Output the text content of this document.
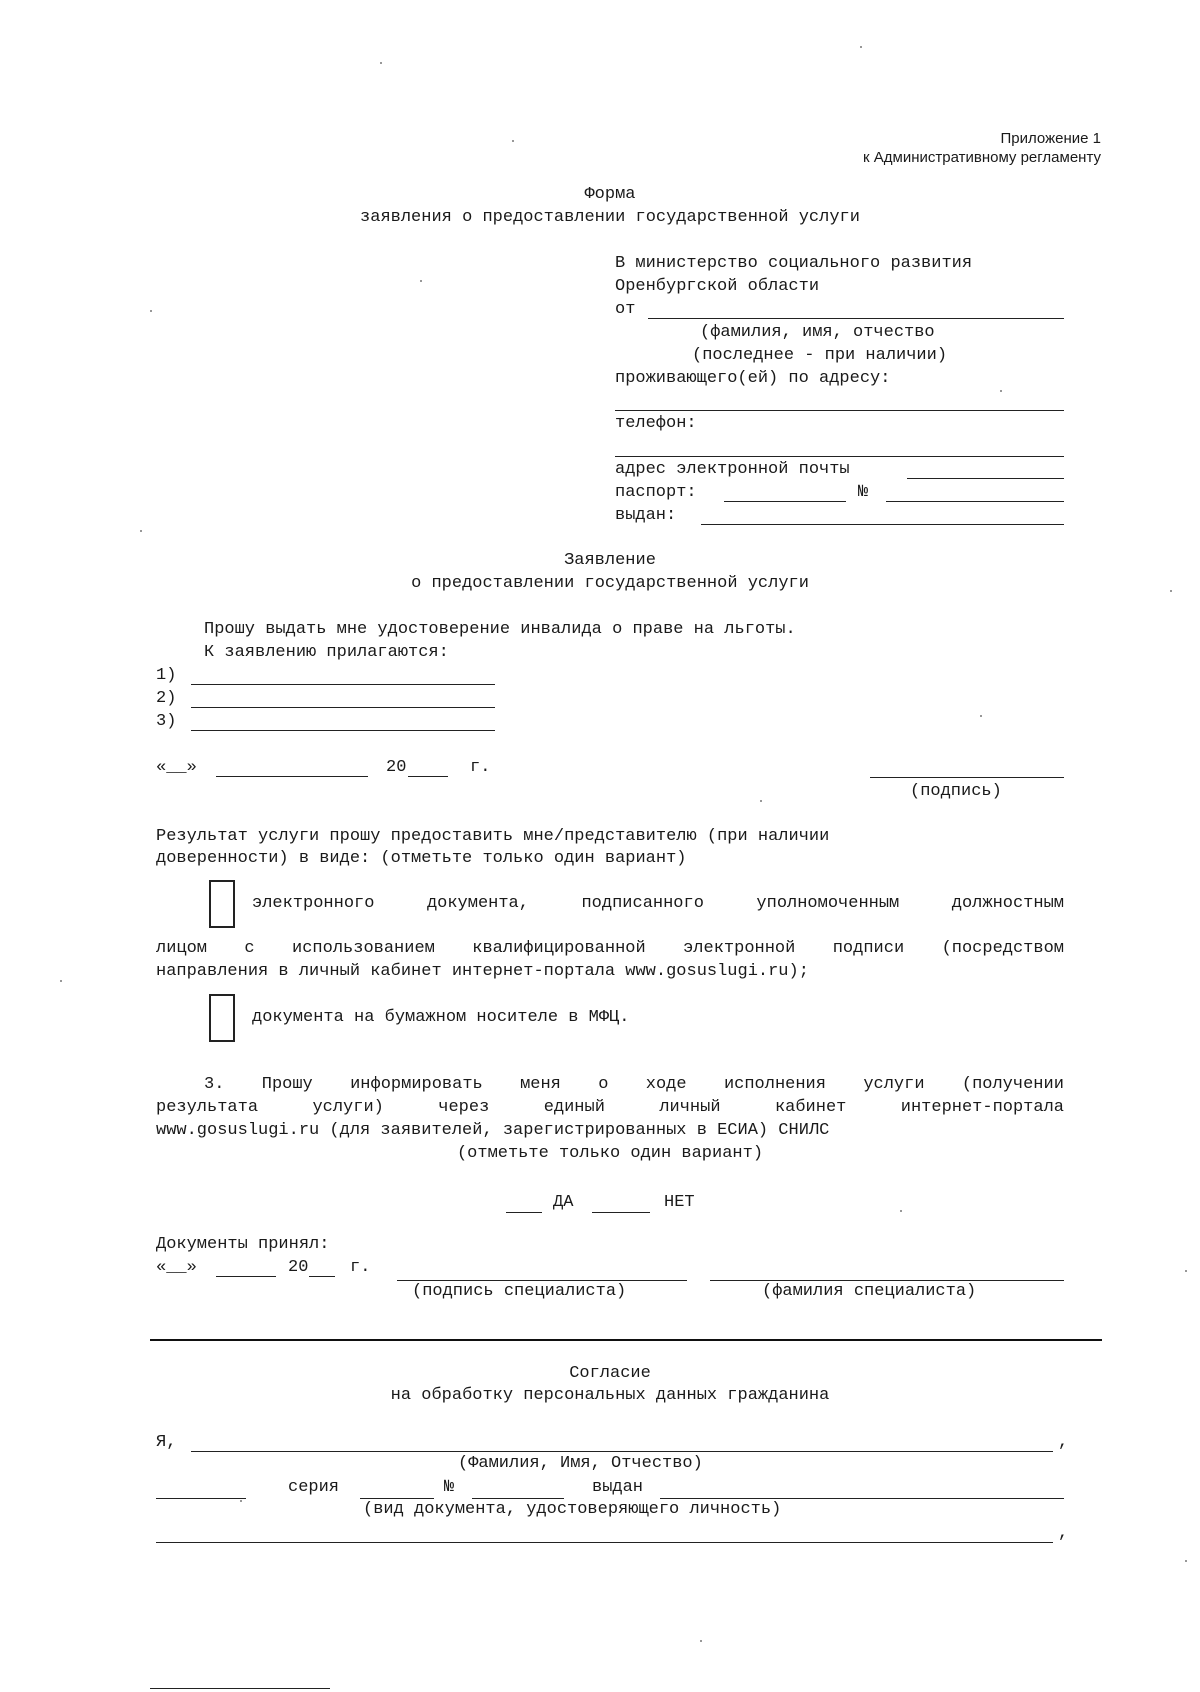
Приложение 1
к Административному регламенту
Форма
заявления о предоставлении государственной услуги
В министерство социального развития
Оренбургской области
от
(фамилия, имя, отчество
(последнее - при наличии)
проживающего(ей) по адресу:
телефон:
адрес электронной почты
паспорт:	№
выдан:
Заявление
о предоставлении государственной услуги
Прошу выдать мне удостоверение инвалида о праве на льготы.
К заявлению прилагаются:
1)
2)
3)
«__»	20	г.
(подпись)
Результат услуги прошу предоставить мне/представителю (при наличии
доверенности) в виде: (отметьте только один вариант)
электронного	документа,	подписанного	уполномоченным	должностным
лицом с использованием квалифицированной электронной подписи (посредством
направления в личный кабинет интернет-портала www.gosuslugi.ru);
документа на бумажном носителе в МФЦ.
3. Прошу информировать меня о ходе исполнения услуги (получении
результата	услуги)	через	единый	личный	кабинет	интернет-портала
www.gosuslugi.ru (для заявителей, зарегистрированных в ЕСИА) СНИЛС
(отметьте только один вариант)
ДА	НЕТ
Документы принял:
«__»	20 г.
(подпись специалиста)	(фамилия специалиста)
Согласие
на обработку персональных данных гражданина
Я,	,
(Фамилия, Имя, Отчество)
серия	№	выдан
(вид документа, удостоверяющего личность)
,
